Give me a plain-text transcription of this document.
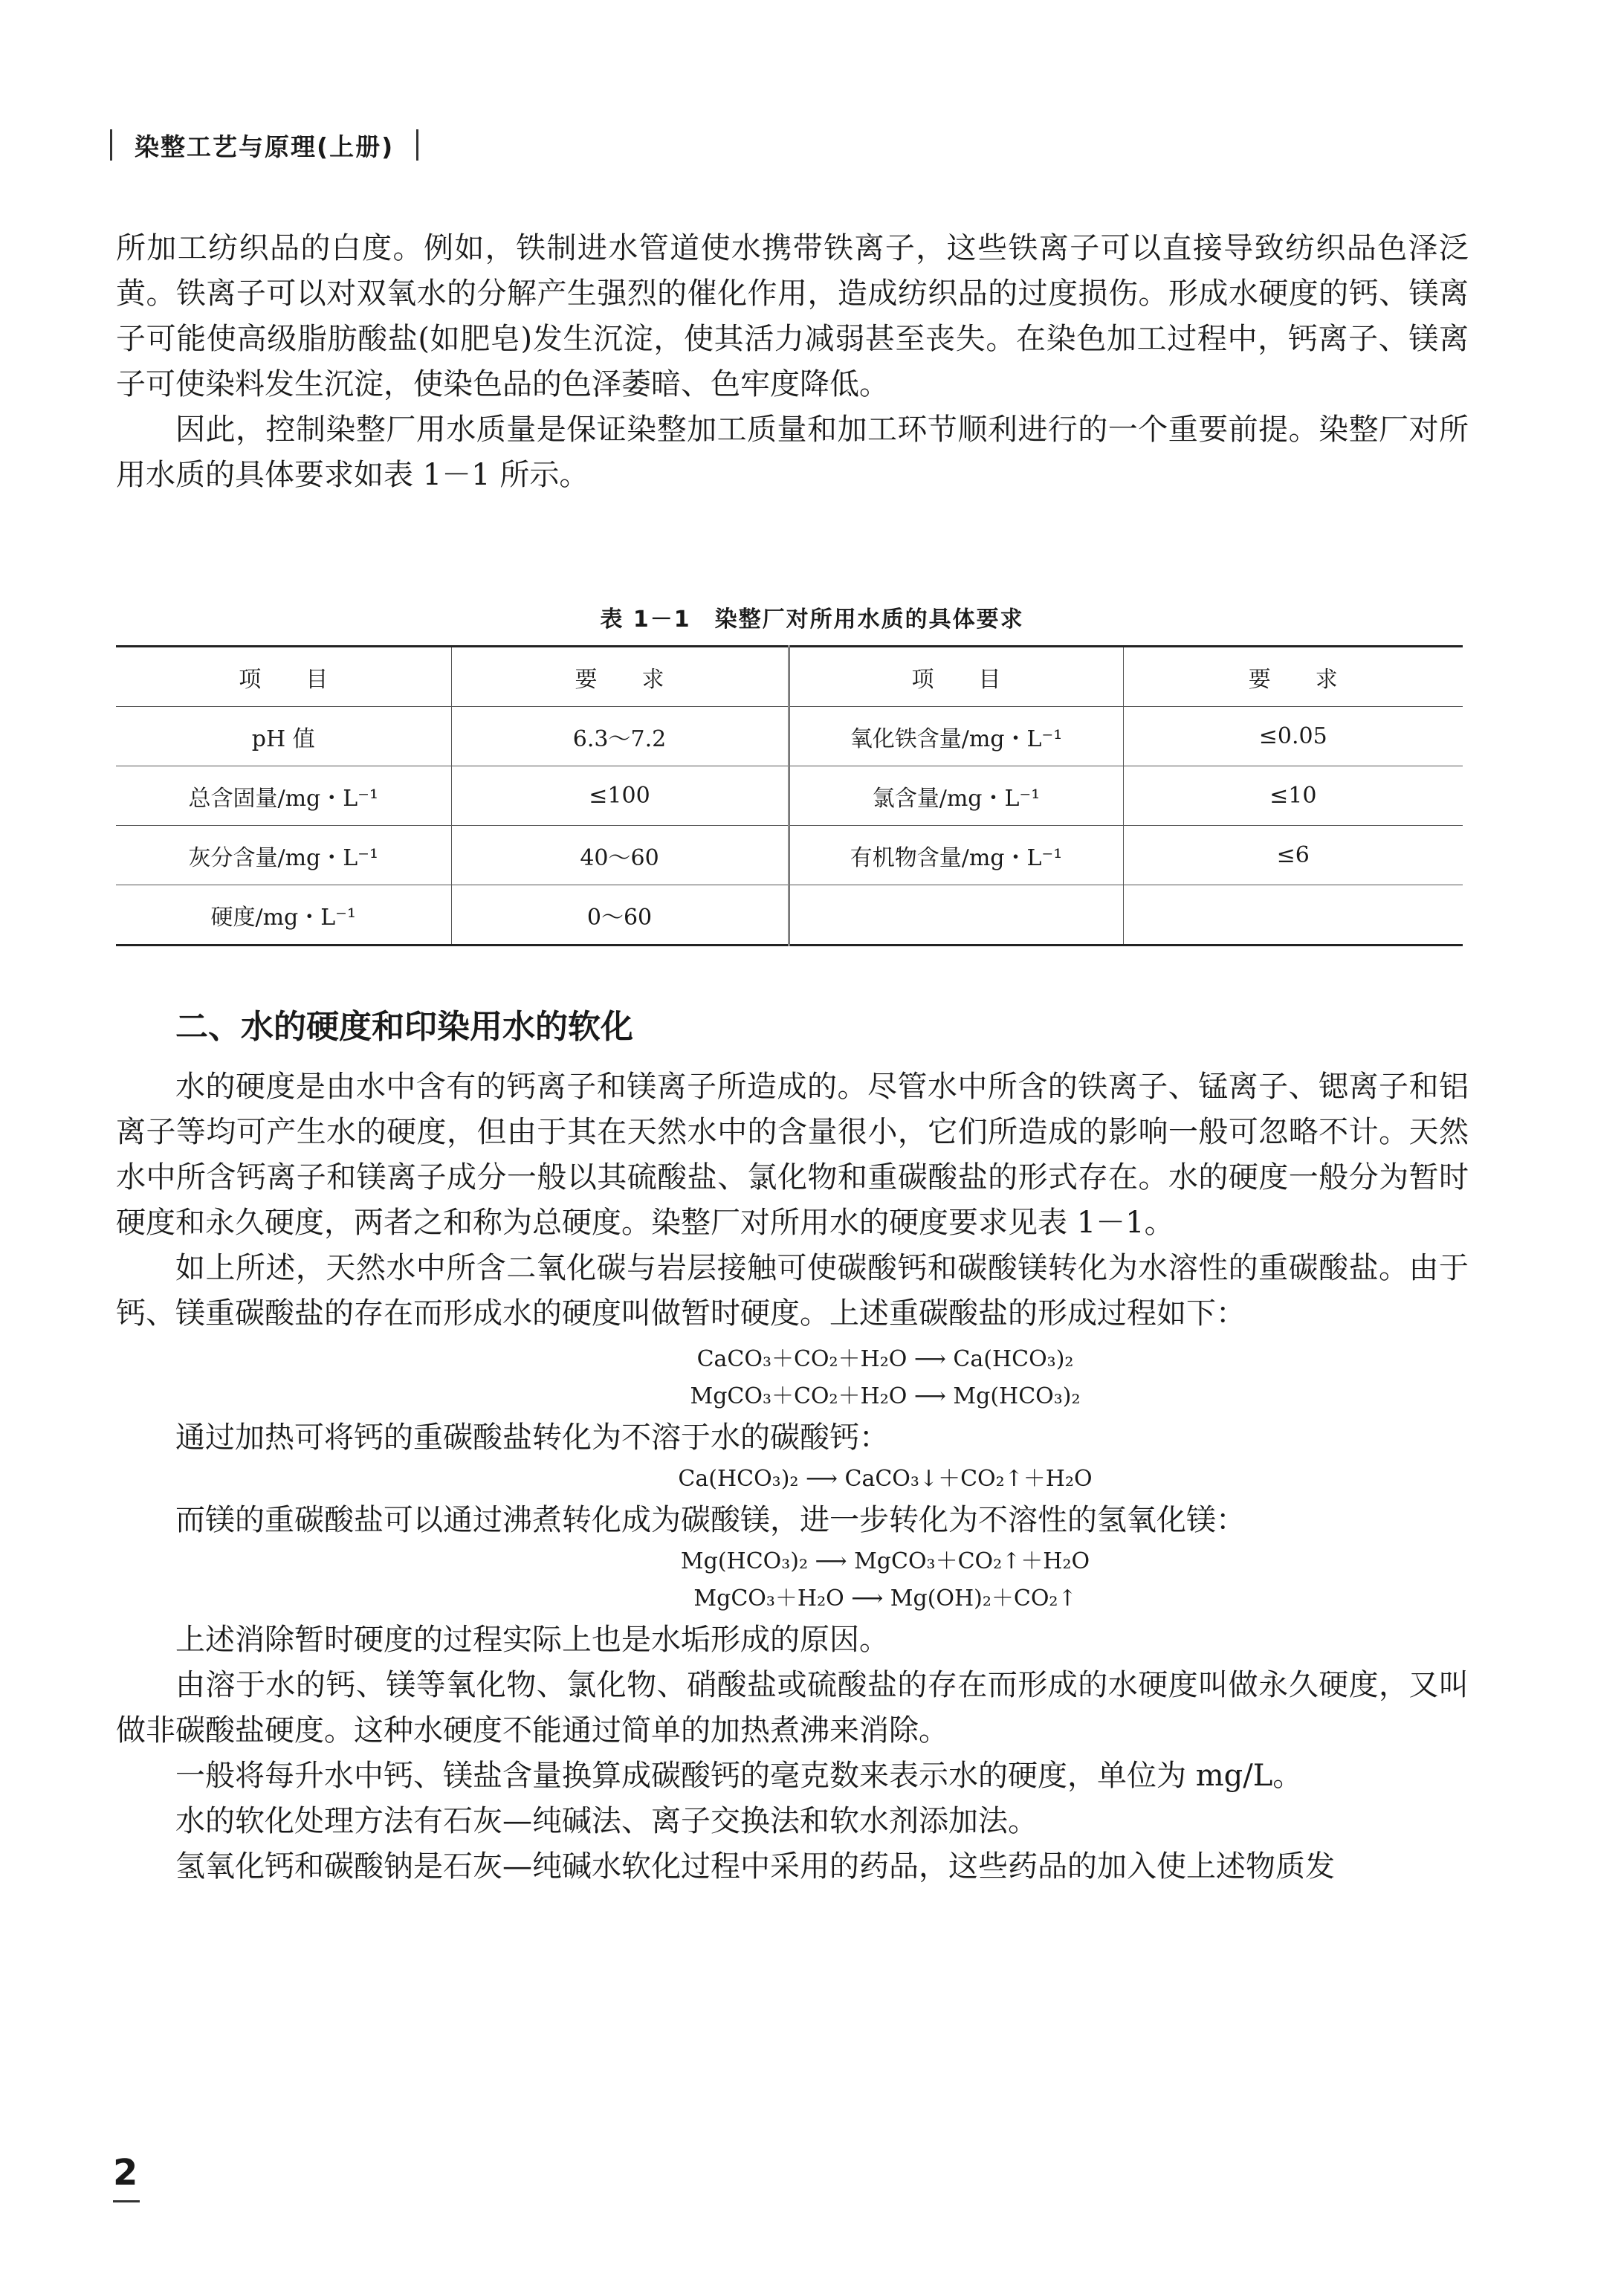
染整工艺与原理(上册)

所加工纺织品的白度。例如，铁制进水管道使水携带铁离子，这些铁离子可以直接导致纺织品色泽泛黄。铁离子可以对双氧水的分解产生强烈的催化作用，造成纺织品的过度损伤。形成水硬度的钙、镁离子可能使高级脂肪酸盐(如肥皂)发生沉淀，使其活力减弱甚至丧失。在染色加工过程中，钙离子、镁离子可使染料发生沉淀，使染色品的色泽萎暗、色牢度降低。

因此，控制染整厂用水质量是保证染整加工质量和加工环节顺利进行的一个重要前提。染整厂对所用水质的具体要求如表 1－1 所示。

表 1－1　染整厂对所用水质的具体要求
项　　目	要　　求	项　　目	要　　求
pH 值	6.3～7.2	氧化铁含量/mg・L⁻¹	≤0.05
总含固量/mg・L⁻¹	≤100	氯含量/mg・L⁻¹	≤10
灰分含量/mg・L⁻¹	40～60	有机物含量/mg・L⁻¹	≤6
硬度/mg・L⁻¹	0～60		
二、水的硬度和印染用水的软化

水的硬度是由水中含有的钙离子和镁离子所造成的。尽管水中所含的铁离子、锰离子、锶离子和铝离子等均可产生水的硬度，但由于其在天然水中的含量很小，它们所造成的影响一般可忽略不计。天然水中所含钙离子和镁离子成分一般以其硫酸盐、氯化物和重碳酸盐的形式存在。水的硬度一般分为暂时硬度和永久硬度，两者之和称为总硬度。染整厂对所用水的硬度要求见表 1－1。

如上所述，天然水中所含二氧化碳与岩层接触可使碳酸钙和碳酸镁转化为水溶性的重碳酸盐。由于钙、镁重碳酸盐的存在而形成水的硬度叫做暂时硬度。上述重碳酸盐的形成过程如下：

CaCO₃＋CO₂＋H₂O ⟶ Ca(HCO₃)₂
MgCO₃＋CO₂＋H₂O ⟶ Mg(HCO₃)₂

通过加热可将钙的重碳酸盐转化为不溶于水的碳酸钙：

Ca(HCO₃)₂ ⟶ CaCO₃↓＋CO₂↑＋H₂O

而镁的重碳酸盐可以通过沸煮转化成为碳酸镁，进一步转化为不溶性的氢氧化镁：

Mg(HCO₃)₂ ⟶ MgCO₃＋CO₂↑＋H₂O
MgCO₃＋H₂O ⟶ Mg(OH)₂＋CO₂↑

上述消除暂时硬度的过程实际上也是水垢形成的原因。

由溶于水的钙、镁等氧化物、氯化物、硝酸盐或硫酸盐的存在而形成的水硬度叫做永久硬度，又叫做非碳酸盐硬度。这种水硬度不能通过简单的加热煮沸来消除。

一般将每升水中钙、镁盐含量换算成碳酸钙的毫克数来表示水的硬度，单位为 mg/L。

水的软化处理方法有石灰—纯碱法、离子交换法和软水剂添加法。

氢氧化钙和碳酸钠是石灰—纯碱水软化过程中采用的药品，这些药品的加入使上述物质发

2
